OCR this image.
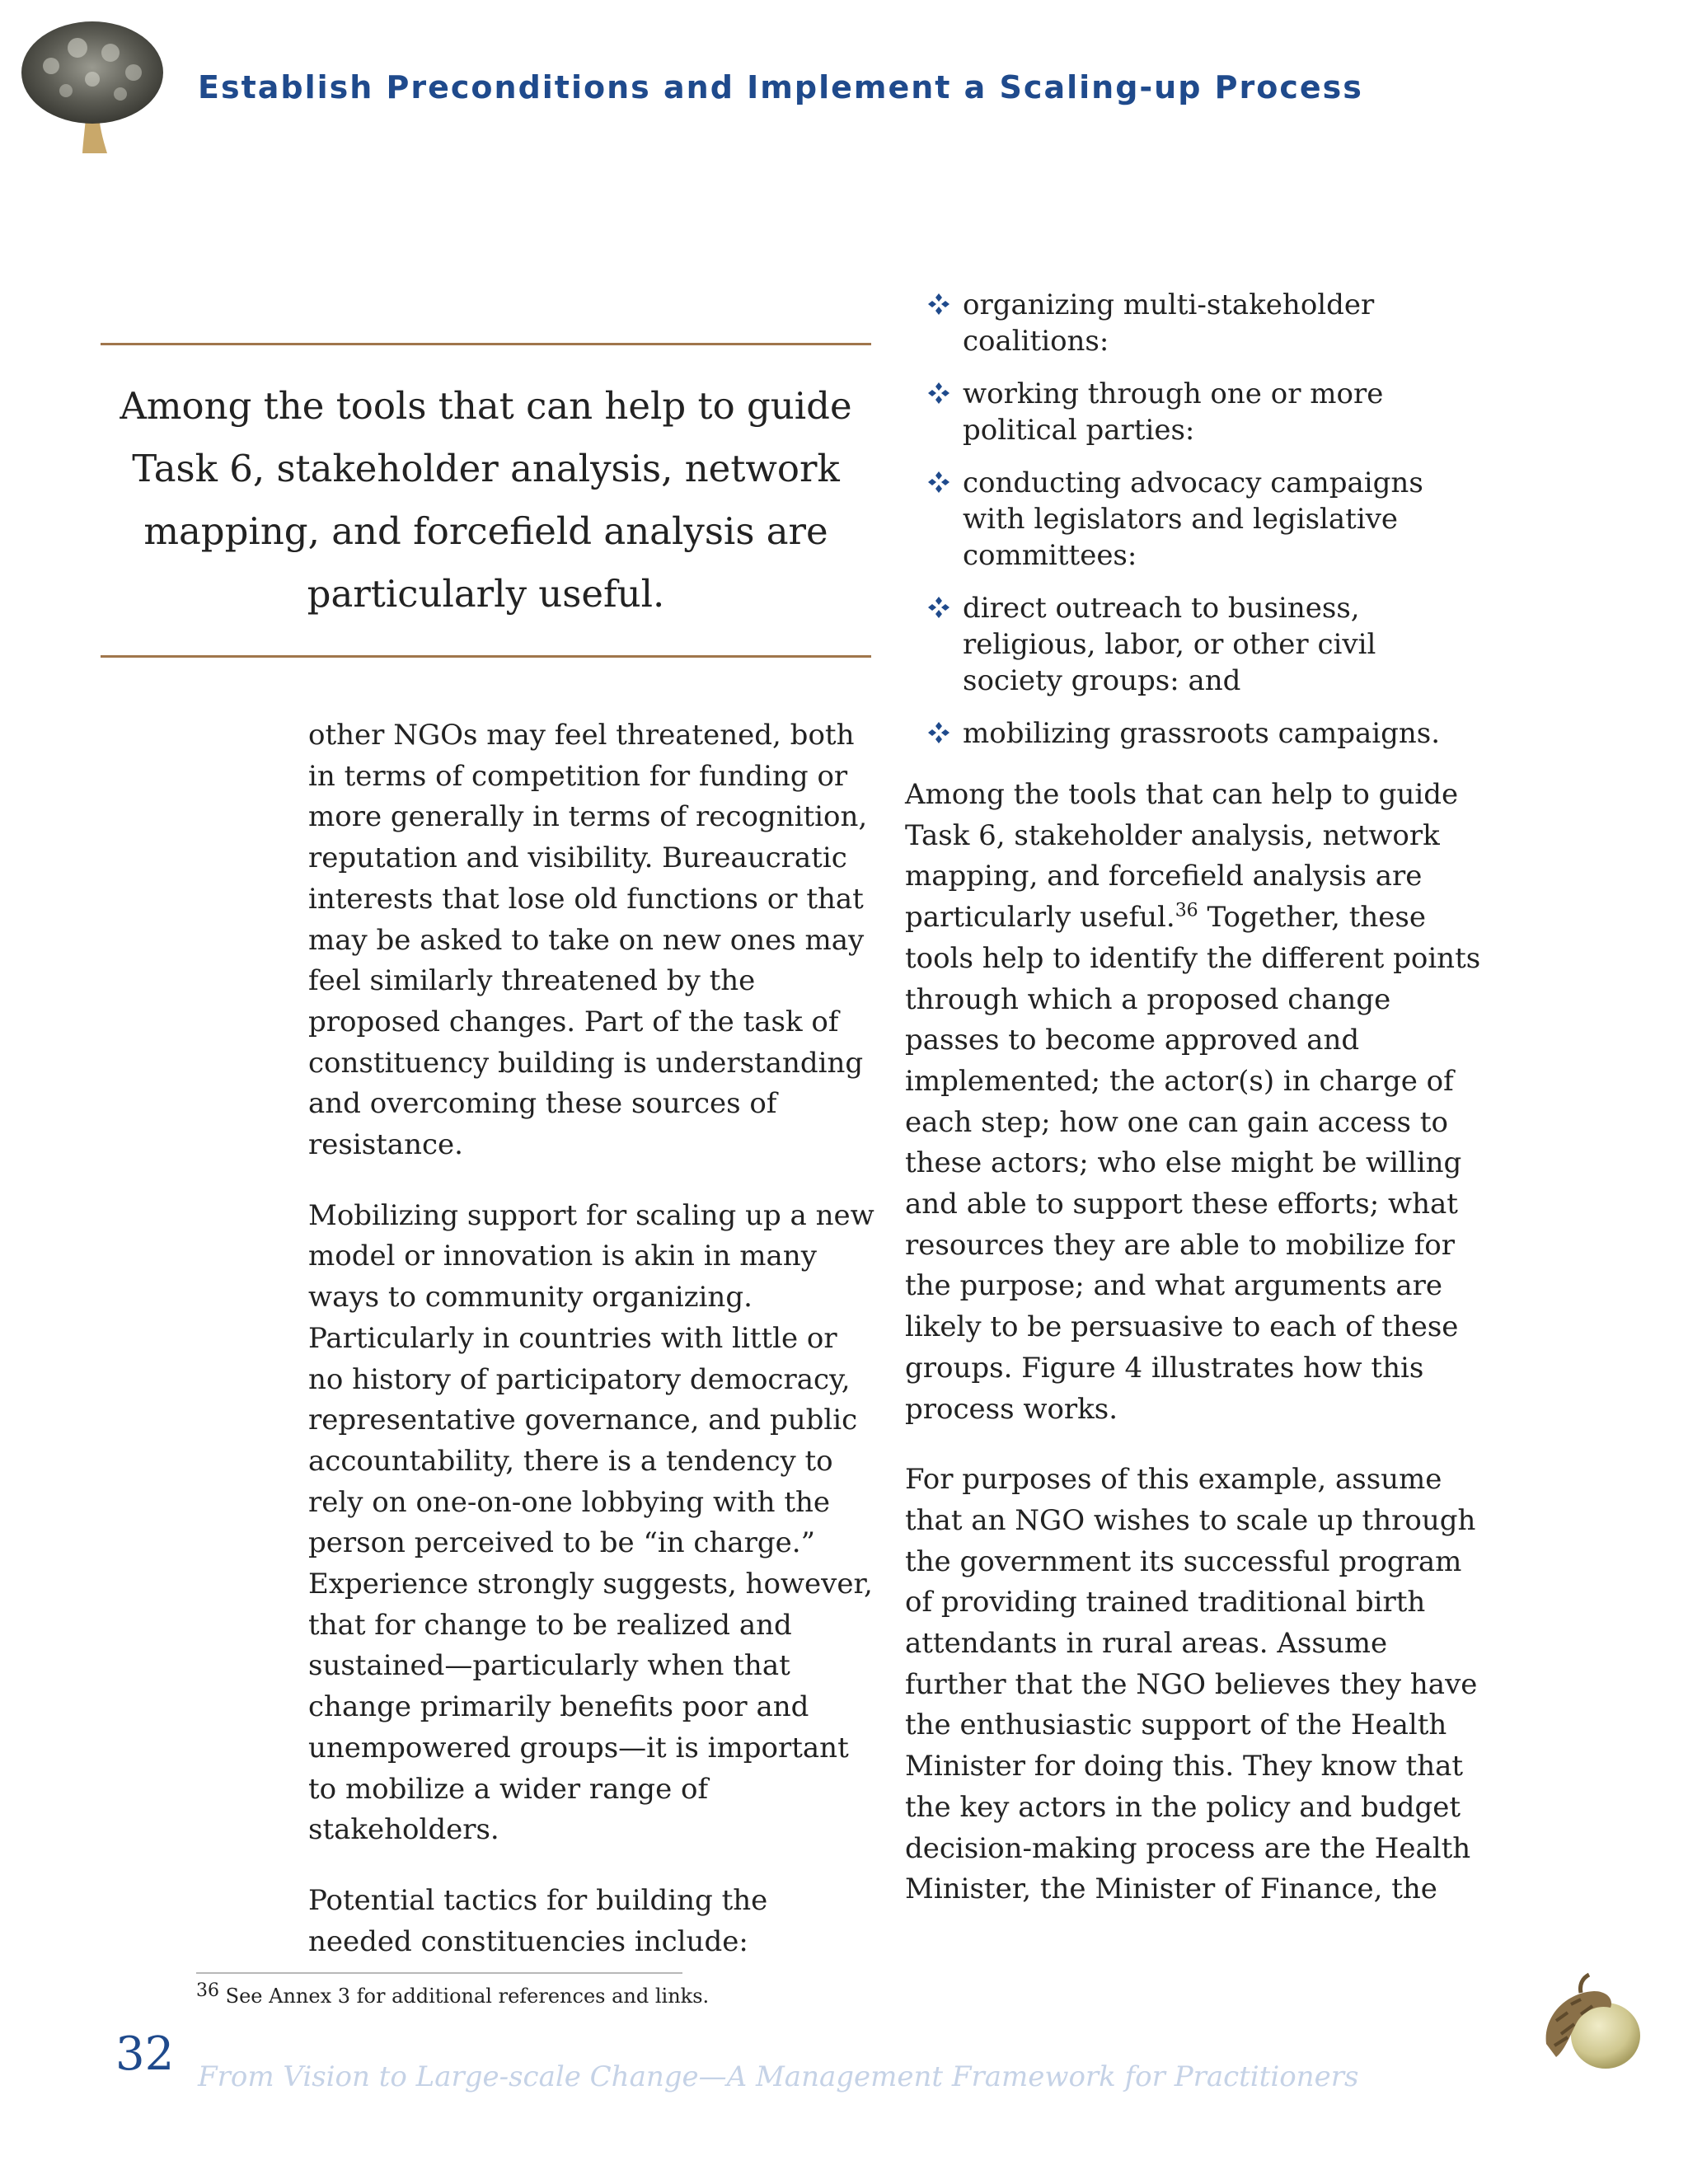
Establish Preconditions and Implement a Scaling-up Process
Among the tools that can help to guide
Task 6, stakeholder analysis, network
mapping, and forcefield analysis are
particularly useful.

other NGOs may feel threatened, both in terms of competition for funding or more generally in terms of recognition, reputation and visibility. Bureaucratic interests that lose old functions or that may be asked to take on new ones may feel similarly threatened by the proposed changes. Part of the task of constituency building is understanding and overcoming these sources of resistance.

Mobilizing support for scaling up a new model or innovation is akin in many ways to community organizing. Particularly in countries with little or no history of participatory democracy, representative governance, and public accountability, there is a tendency to rely on one-on-one lobbying with the person perceived to be “in charge.” Experience strongly suggests, however, that for change to be realized and sustained—particularly when that change primarily benefits poor and unempowered groups—it is important to mobilize a wider range of stakeholders.

Potential tactics for building the needed constituencies include:

organizing multi-stakeholder coalitions:
working through one or more political parties:
conducting advocacy campaigns with legislators and legislative committees:
direct outreach to business, religious, labor, or other civil society groups: and
mobilizing grassroots campaigns.

Among the tools that can help to guide Task 6, stakeholder analysis, network mapping, and forcefield analysis are particularly useful.$^{36}$ Together, these tools help to identify the different points through which a proposed change passes to become approved and implemented; the actor(s) in charge of each step; how one can gain access to these actors; who else might be willing and able to support these efforts; what resources they are able to mobilize for the purpose; and what arguments are likely to be persuasive to each of these groups. Figure 4 illustrates how this process works.

For purposes of this example, assume that an NGO wishes to scale up through the government its successful program of providing trained traditional birth attendants in rural areas. Assume further that the NGO believes they have the enthusiastic support of the Health Minister for doing this. They know that the key actors in the policy and budget decision-making process are the Health Minister, the Minister of Finance, the

$^{36}$ See Annex 3 for additional references and links.
32 From Vision to Large-scale Change—A Management Framework for Practitioners
